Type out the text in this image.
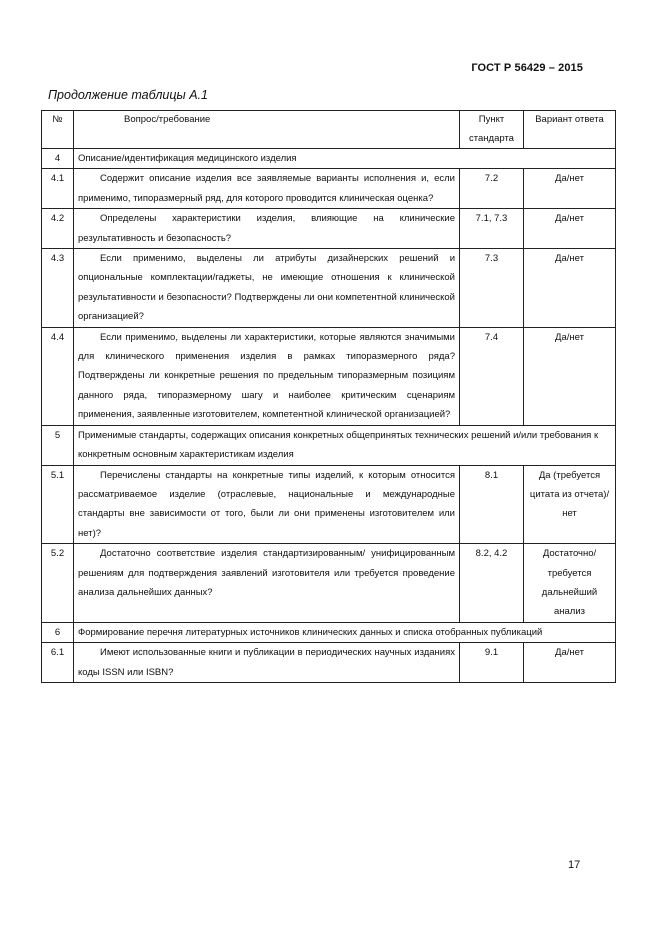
ГОСТ Р 56429 – 2015
Продолжение таблицы А.1
№	Вопрос/требование	Пункт стандарта	Вариант ответа
4	Описание/идентификация медицинского изделия		
4.1	Содержит описание изделия все заявляемые варианты исполнения и, если применимо, типоразмерный ряд, для которого проводится клиническая оценка?	7.2	Да/нет
4.2	Определены характеристики изделия, влияющие на клинические результативность и безопасность?	7.1, 7.3	Да/нет
4.3	Если применимо, выделены ли атрибуты дизайнерских решений и опциональные комплектации/гаджеты, не имеющие отношения к клинической результативности и безопасности? Подтверждены ли они компетентной клинической организацией?	7.3	Да/нет
4.4	Если применимо, выделены ли характеристики, которые являются значимыми для клинического применения изделия в рамках типоразмерного ряда? Подтверждены ли конкретные решения по предельным типоразмерным позициям данного ряда, типоразмерному шагу и наиболее критическим сценариям применения, заявленные изготовителем, компетентной клинической организацией?	7.4	Да/нет
5	Применимые стандарты, содержащих описания конкретных общепринятых технических решений и/или требования к конкретным основным характеристикам изделия		
5.1	Перечислены стандарты на конкретные типы изделий, к которым относится рассматриваемое изделие (отраслевые, национальные и международные стандарты вне зависимости от того, были ли они применены изготовителем или нет)?	8.1	Да (требуется цитата из отчета)/нет
5.2	Достаточно соответствие изделия стандартизированным/ унифицированным решениям для подтверждения заявлений изготовителя или требуется проведение анализа дальнейших данных?	8.2, 4.2	Достаточно/ требуется дальнейший анализ
6	Формирование перечня литературных источников клинических данных и списка отобранных публикаций		
6.1	Имеют использованные книги и публикации в периодических научных изданиях коды ISSN или ISBN?	9.1	Да/нет
17
